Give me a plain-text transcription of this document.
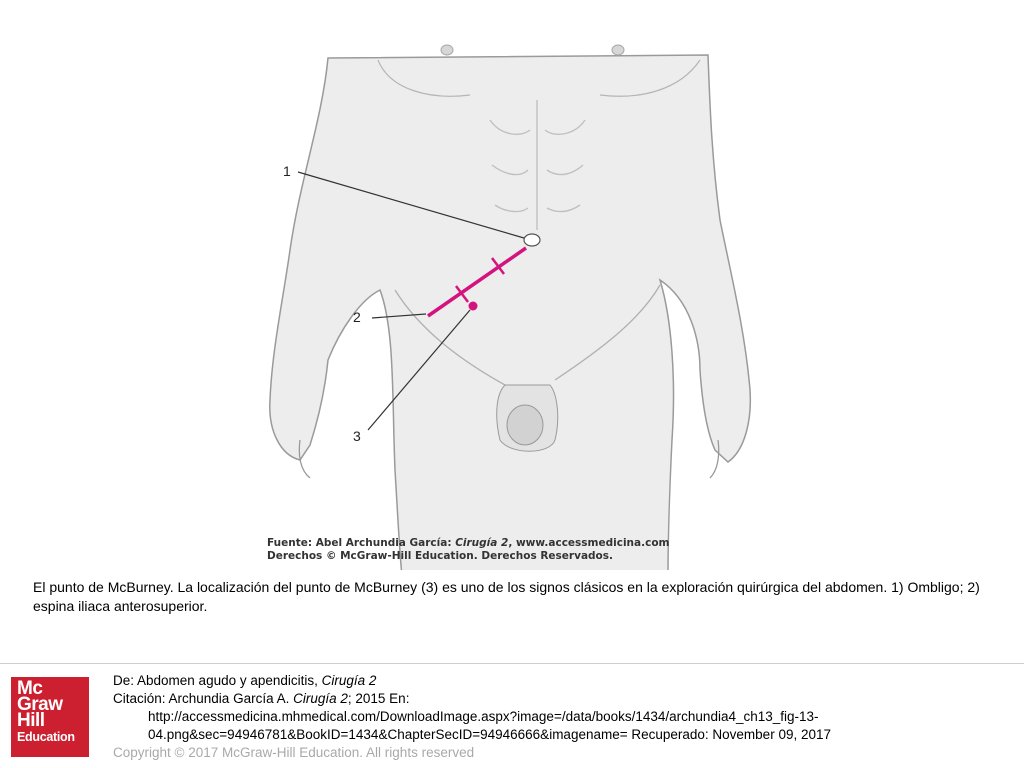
1
2
3
Fuente: Abel Archundia García: Cirugía 2, www.accessmedicina.com
Derechos © McGraw-Hill Education. Derechos Reservados.
El punto de McBurney. La localización del punto de McBurney (3) es uno de los signos clásicos en la exploración quirúrgica del abdomen. 1) Ombligo; 2) espina iliaca anterosuperior.
Mc
Graw
Hill
Education
De: Abdomen agudo y apendicitis, Cirugía 2
Citación: Archundia García A. Cirugía 2; 2015 En:
http://accessmedicina.mhmedical.com/DownloadImage.aspx?image=/data/books/1434/archundia4_ch13_fig-13-
04.png&sec=94946781&BookID=1434&ChapterSecID=94946666&imagename= Recuperado: November 09, 2017
Copyright © 2017 McGraw-Hill Education. All rights reserved
